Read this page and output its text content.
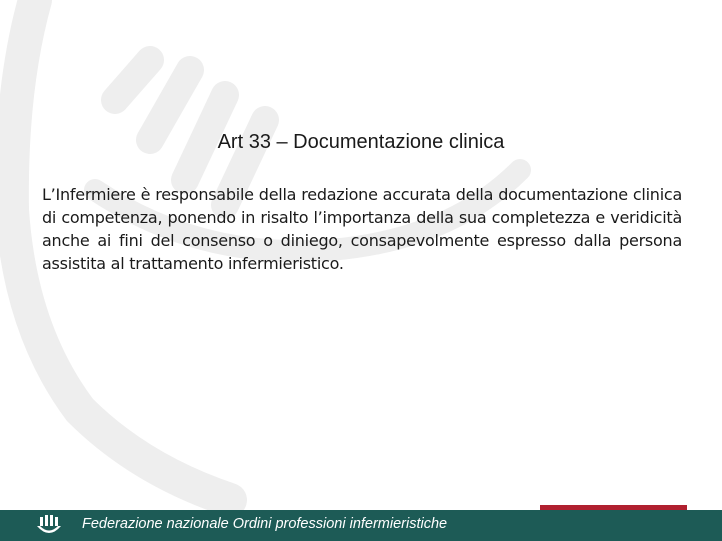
Art 33 – Documentazione clinica
L’Infermiere è responsabile della redazione accurata della documentazione clinica di competenza, ponendo in risalto l’importanza della sua completezza e veridicità anche ai fini del consenso o diniego, consapevolmente espresso dalla persona assistita al trattamento infermieristico.
Federazione nazionale Ordini professioni infermieristiche
